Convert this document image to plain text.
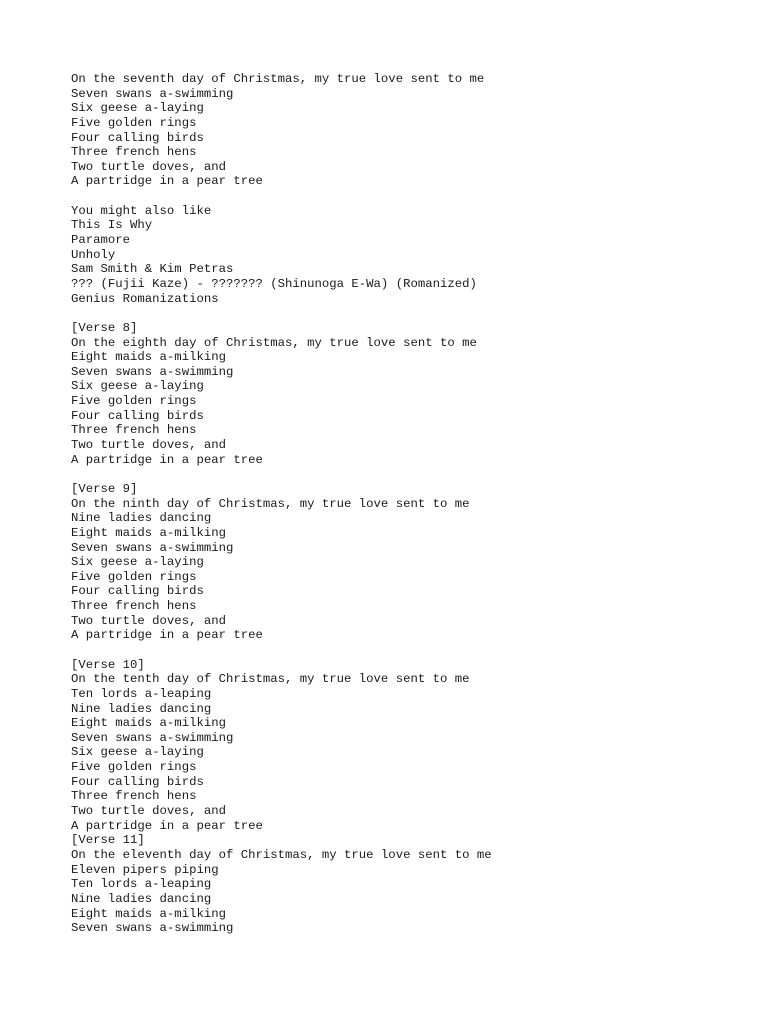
On the seventh day of Christmas, my true love sent to me
Seven swans a-swimming
Six geese a-laying
Five golden rings
Four calling birds
Three french hens
Two turtle doves, and
A partridge in a pear tree
You might also like
This Is Why
Paramore
Unholy
Sam Smith & Kim Petras
??? (Fujii Kaze) - ??????? (Shinunoga E-Wa) (Romanized)
Genius Romanizations
[Verse 8]
On the eighth day of Christmas, my true love sent to me
Eight maids a-milking
Seven swans a-swimming
Six geese a-laying
Five golden rings
Four calling birds
Three french hens
Two turtle doves, and
A partridge in a pear tree
[Verse 9]
On the ninth day of Christmas, my true love sent to me
Nine ladies dancing
Eight maids a-milking
Seven swans a-swimming
Six geese a-laying
Five golden rings
Four calling birds
Three french hens
Two turtle doves, and
A partridge in a pear tree
[Verse 10]
On the tenth day of Christmas, my true love sent to me
Ten lords a-leaping
Nine ladies dancing
Eight maids a-milking
Seven swans a-swimming
Six geese a-laying
Five golden rings
Four calling birds
Three french hens
Two turtle doves, and
A partridge in a pear tree
[Verse 11]
On the eleventh day of Christmas, my true love sent to me
Eleven pipers piping
Ten lords a-leaping
Nine ladies dancing
Eight maids a-milking
Seven swans a-swimming
